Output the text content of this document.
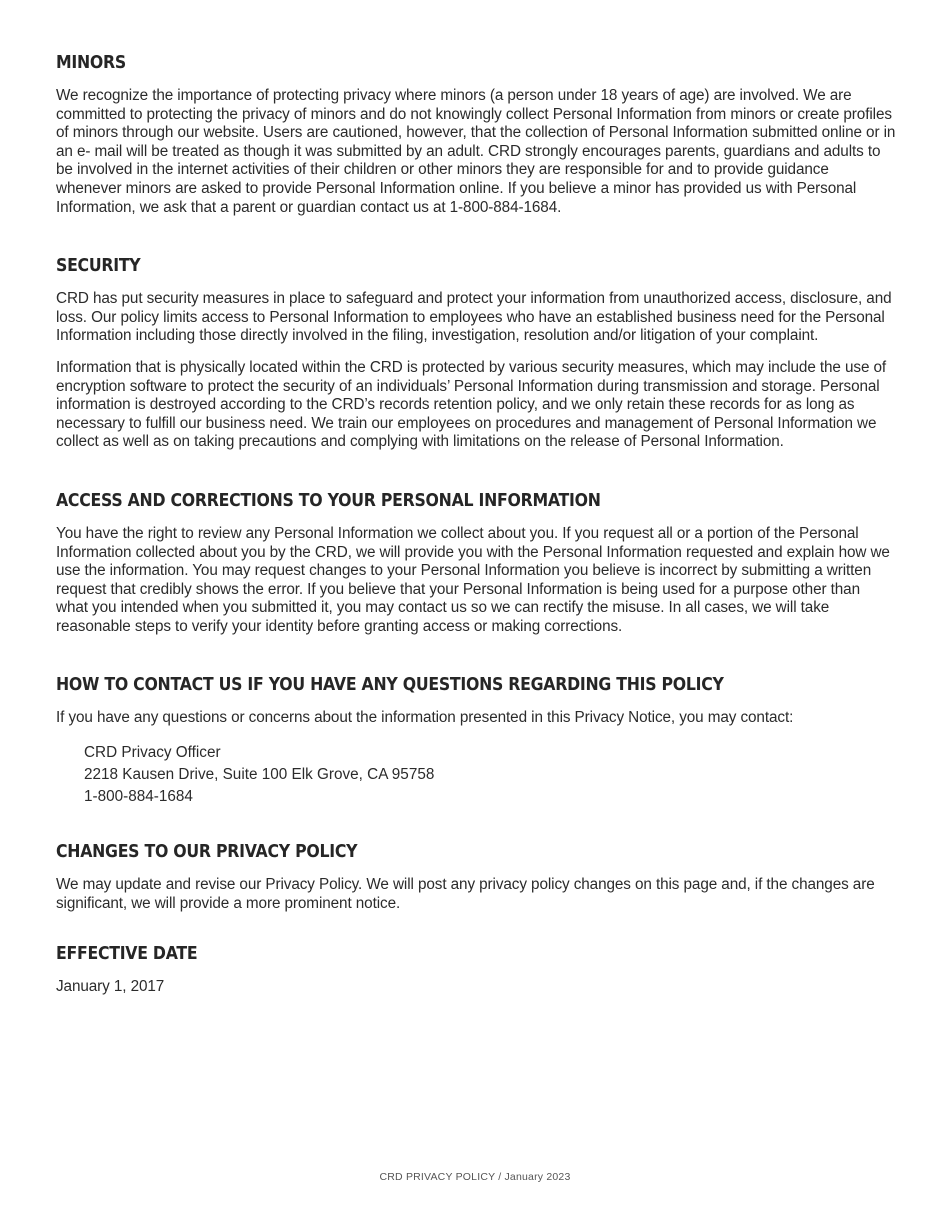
MINORS

We recognize the importance of protecting privacy where minors (a person under 18 years of age) are involved. We are committed to protecting the privacy of minors and do not knowingly collect Personal Information from minors or create profiles of minors through our website. Users are cautioned, however, that the collection of Personal Information submitted online or in an e- mail will be treated as though it was submitted by an adult. CRD strongly encourages parents, guardians and adults to be involved in the internet activities of their children or other minors they are responsible for and to provide guidance whenever minors are asked to provide Personal Information online. If you believe a minor has provided us with Personal Information, we ask that a parent or guardian contact us at 1-800-884-1684.

SECURITY

CRD has put security measures in place to safeguard and protect your information from unauthorized access, disclosure, and loss. Our policy limits access to Personal Information to employees who have an established business need for the Personal Information including those directly involved in the filing, investigation, resolution and/or litigation of your complaint.

Information that is physically located within the CRD is protected by various security measures, which may include the use of encryption software to protect the security of an individuals’ Personal Information during transmission and storage. Personal information is destroyed according to the CRD’s records retention policy, and we only retain these records for as long as necessary to fulfill our business need. We train our employees on procedures and management of Personal Information we collect as well as on taking precautions and complying with limitations on the release of Personal Information.

ACCESS AND CORRECTIONS TO YOUR PERSONAL INFORMATION

You have the right to review any Personal Information we collect about you. If you request all or a portion of the Personal Information collected about you by the CRD, we will provide you with the Personal Information requested and explain how we use the information. You may request changes to your Personal Information you believe is incorrect by submitting a written request that credibly shows the error. If you believe that your Personal Information is being used for a purpose other than what you intended when you submitted it, you may contact us so we can rectify the misuse. In all cases, we will take reasonable steps to verify your identity before granting access or making corrections.

HOW TO CONTACT US IF YOU HAVE ANY QUESTIONS REGARDING THIS POLICY

If you have any questions or concerns about the information presented in this Privacy Notice, you may contact:

CRD Privacy Officer
2218 Kausen Drive, Suite 100 Elk Grove, CA 95758
1-800-884-1684
CHANGES TO OUR PRIVACY POLICY

We may update and revise our Privacy Policy. We will post any privacy policy changes on this page and, if the changes are significant, we will provide a more prominent notice.

EFFECTIVE DATE

January 1, 2017

CRD PRIVACY POLICY / January 2023
